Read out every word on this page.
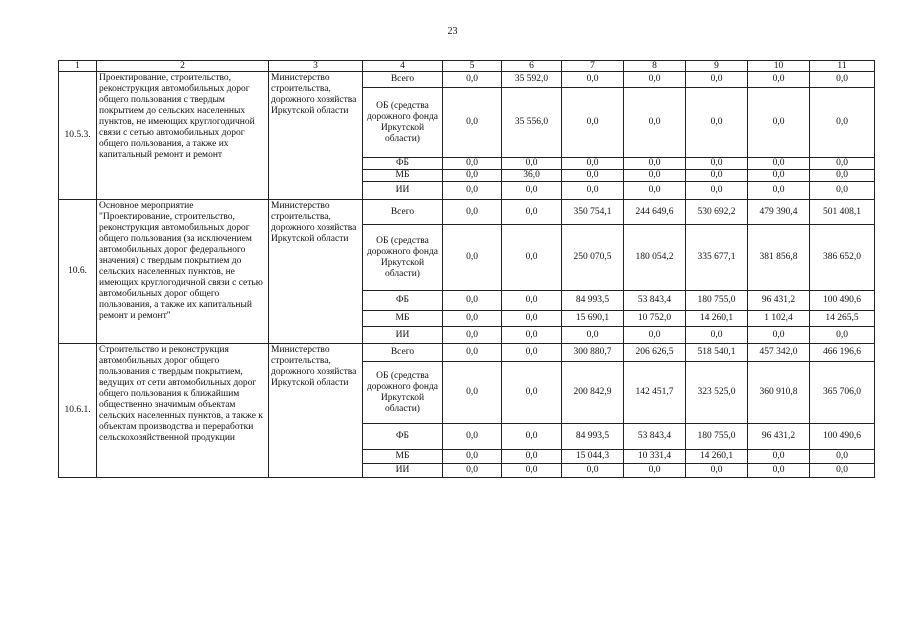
23
1	2	3	4	5	6	7	8	9	10	11
10.5.3.	Проектирование, строительство, реконструкция автомобильных дорог общего пользования с твердым покрытием до сельских населенных пунктов, не имеющих круглогодичной связи с сетью автомобильных дорог общего пользования, а также их капитальный ремонт и ремонт	Министерство строительства, дорожного хозяйства Иркутской области	Всего	0,0	35 592,0	0,0	0,0	0,0	0,0	0,0
			ОБ (средства дорожного фонда Иркутской области)	0,0	35 556,0	0,0	0,0	0,0	0,0	0,0
			ФБ	0,0	0,0	0,0	0,0	0,0	0,0	0,0
			МБ	0,0	36,0	0,0	0,0	0,0	0,0	0,0
			ИИ	0,0	0,0	0,0	0,0	0,0	0,0	0,0
10.6.	Основное мероприятие "Проектирование, строительство, реконструкция автомобильных дорог общего пользования (за исключением автомобильных дорог федерального значения) с твердым покрытием до сельских населенных пунктов, не имеющих круглогодичной связи с сетью автомобильных дорог общего пользования, а также их капитальный ремонт и ремонт"	Министерство строительства, дорожного хозяйства Иркутской области	Всего	0,0	0,0	350 754,1	244 649,6	530 692,2	479 390,4	501 408,1
			ОБ (средства дорожного фонда Иркутской области)	0,0	0,0	250 070,5	180 054,2	335 677,1	381 856,8	386 652,0
			ФБ	0,0	0,0	84 993,5	53 843,4	180 755,0	96 431,2	100 490,6
			МБ	0,0	0,0	15 690,1	10 752,0	14 260,1	1 102,4	14 265,5
			ИИ	0,0	0,0	0,0	0,0	0,0	0,0	0,0
10.6.1.	Строительство и реконструкция автомобильных дорог общего пользования с твердым покрытием, ведущих от сети автомобильных дорог общего пользования к ближайшим общественно значимым объектам сельских населенных пунктов, а также к объектам производства и переработки сельскохозяйственной продукции	Министерство строительства, дорожного хозяйства Иркутской области	Всего	0,0	0,0	300 880,7	206 626,5	518 540,1	457 342,0	466 196,6
			ОБ (средства дорожного фонда Иркутской области)	0,0	0,0	200 842,9	142 451,7	323 525,0	360 910,8	365 706,0
			ФБ	0,0	0,0	84 993,5	53 843,4	180 755,0	96 431,2	100 490,6
			МБ	0,0	0,0	15 044,3	10 331,4	14 260,1	0,0	0,0
			ИИ	0,0	0,0	0,0	0,0	0,0	0,0	0,0
